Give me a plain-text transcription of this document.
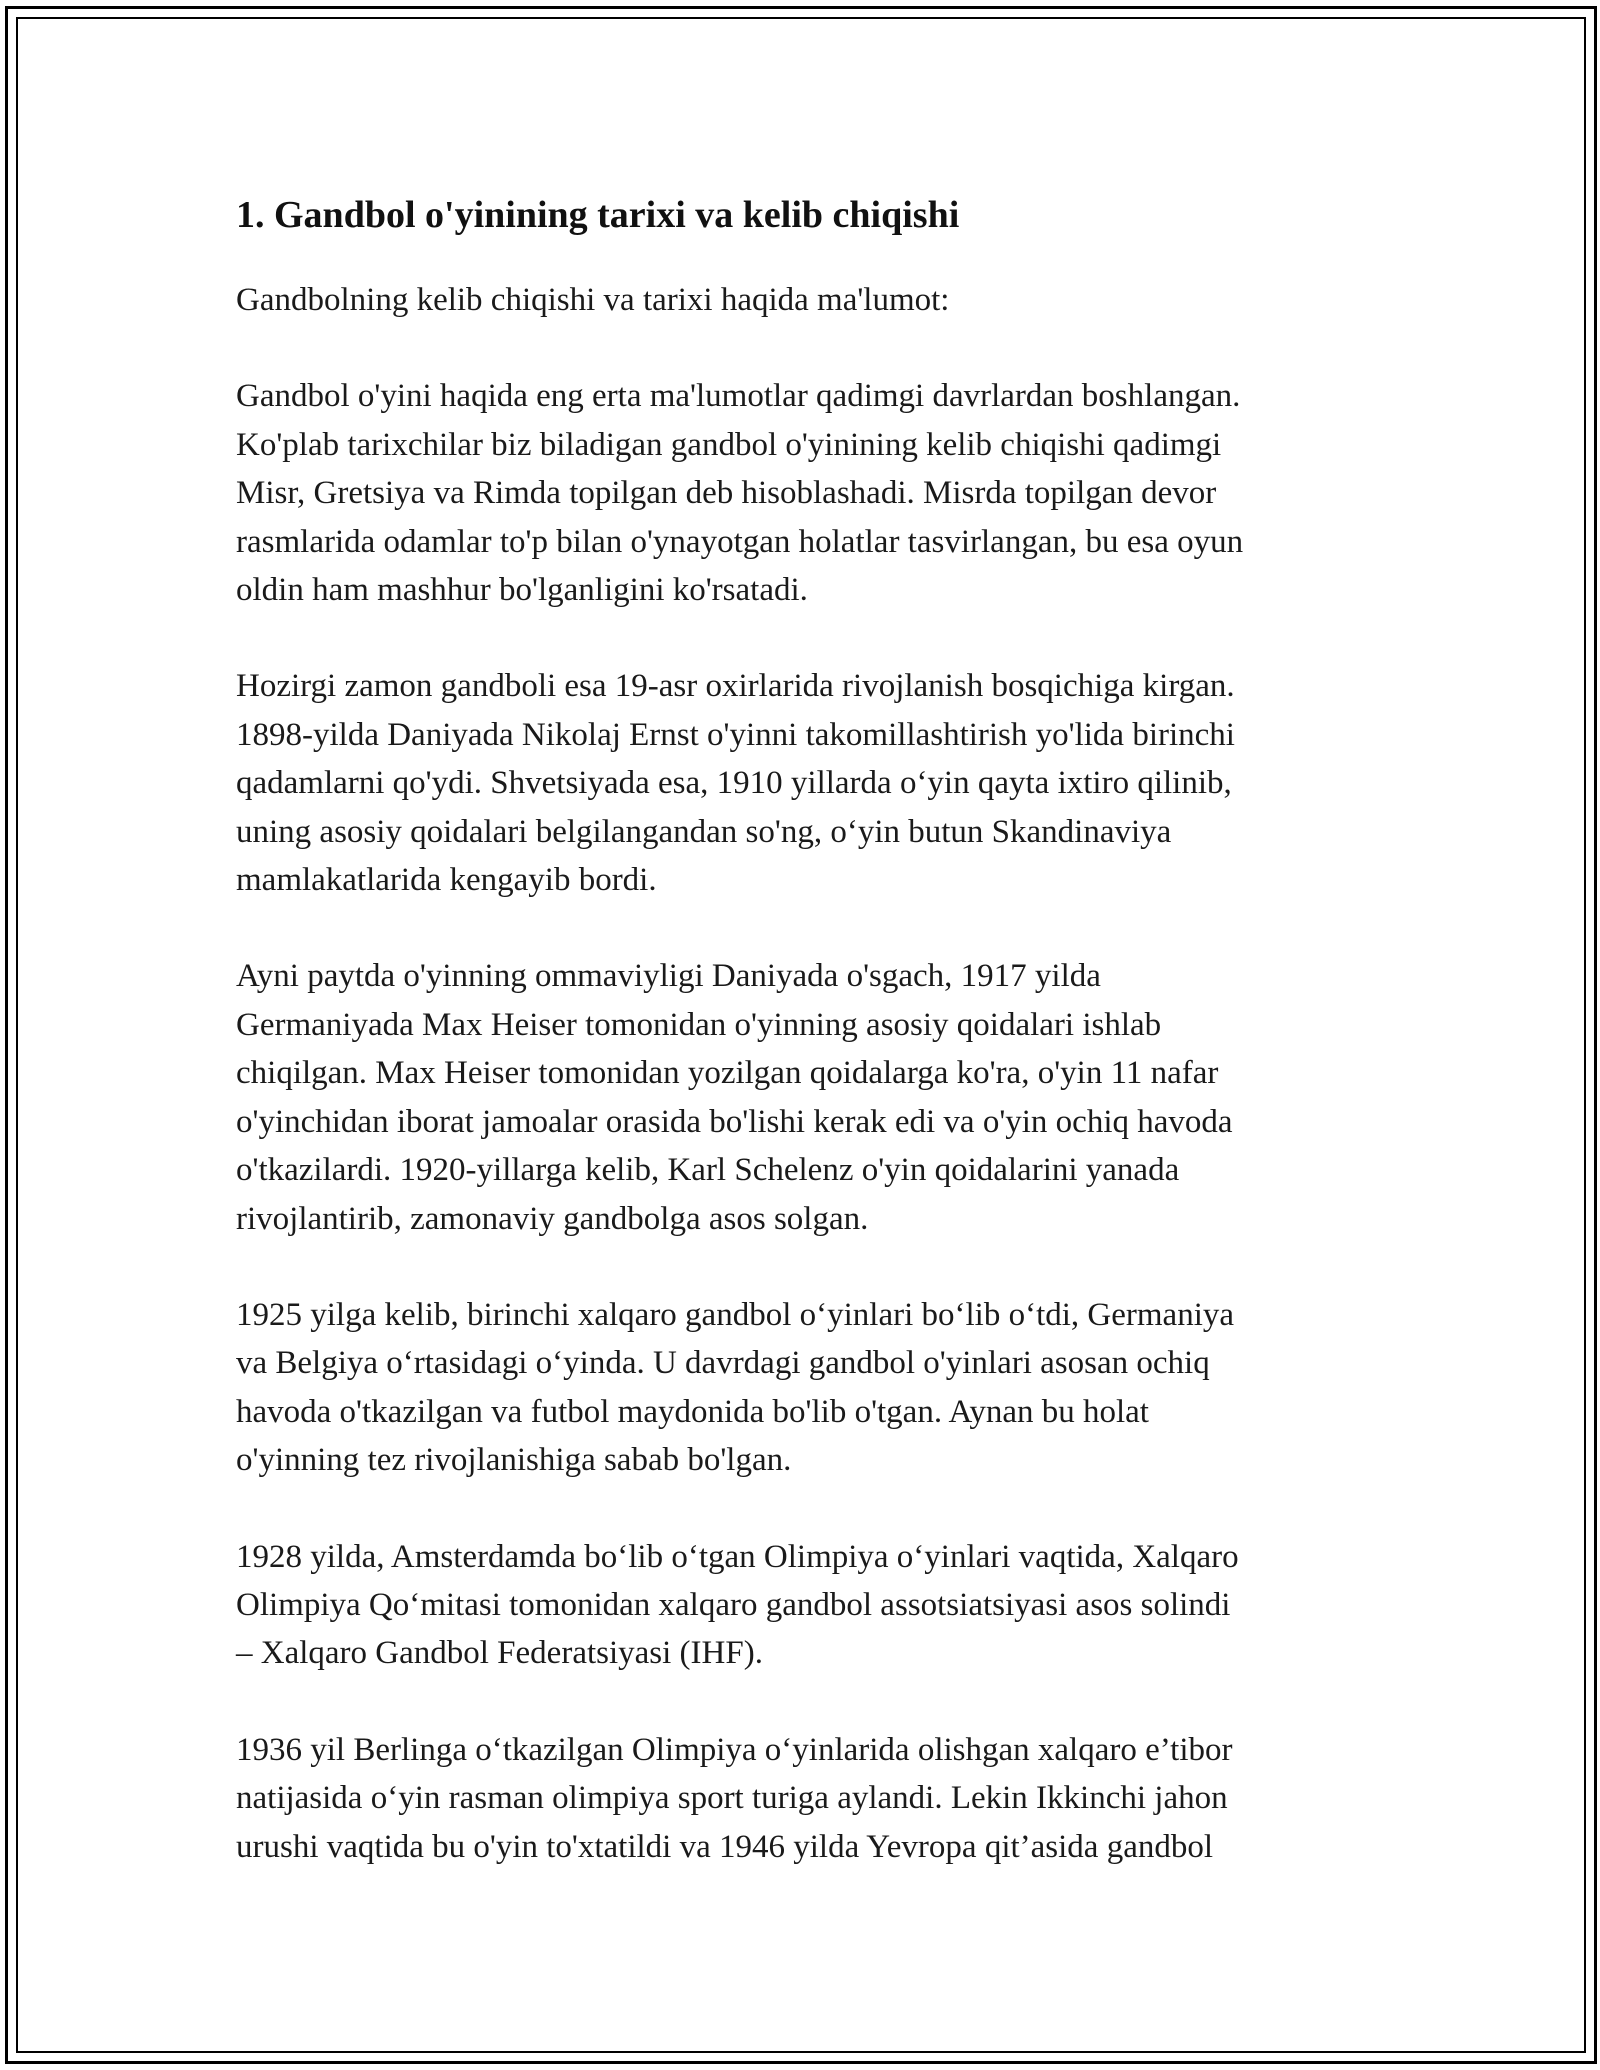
1. Gandbol o'yinining tarixi va kelib chiqishi

Gandbolning kelib chiqishi va tarixi haqida ma'lumot:

Gandbol o'yini haqida eng erta ma'lumotlar qadimgi davrlardan boshlangan.
Ko'plab tarixchilar biz biladigan gandbol o'yinining kelib chiqishi qadimgi
Misr, Gretsiya va Rimda topilgan deb hisoblashadi. Misrda topilgan devor
rasmlarida odamlar to'p bilan o'ynayotgan holatlar tasvirlangan, bu esa oyun
oldin ham mashhur bo'lganligini ko'rsatadi.

Hozirgi zamon gandboli esa 19-asr oxirlarida rivojlanish bosqichiga kirgan.
1898-yilda Daniyada Nikolaj Ernst o'yinni takomillashtirish yo'lida birinchi
qadamlarni qo'ydi. Shvetsiyada esa, 1910 yillarda o‘yin qayta ixtiro qilinib,
uning asosiy qoidalari belgilangandan so'ng, o‘yin butun Skandinaviya
mamlakatlarida kengayib bordi.

Ayni paytda o'yinning ommaviyligi Daniyada o'sgach, 1917 yilda
Germaniyada Max Heiser tomonidan o'yinning asosiy qoidalari ishlab
chiqilgan. Max Heiser tomonidan yozilgan qoidalarga ko'ra, o'yin 11 nafar
o'yinchidan iborat jamoalar orasida bo'lishi kerak edi va o'yin ochiq havoda
o'tkazilardi. 1920-yillarga kelib, Karl Schelenz o'yin qoidalarini yanada
rivojlantirib, zamonaviy gandbolga asos solgan.

1925 yilga kelib, birinchi xalqaro gandbol o‘yinlari bo‘lib o‘tdi, Germaniya
va Belgiya o‘rtasidagi o‘yinda. U davrdagi gandbol o'yinlari asosan ochiq
havoda o'tkazilgan va futbol maydonida bo'lib o'tgan. Aynan bu holat
o'yinning tez rivojlanishiga sabab bo'lgan.

1928 yilda, Amsterdamda bo‘lib o‘tgan Olimpiya o‘yinlari vaqtida, Xalqaro
Olimpiya Qo‘mitasi tomonidan xalqaro gandbol assotsiatsiyasi asos solindi
– Xalqaro Gandbol Federatsiyasi (IHF).

1936 yil Berlinga o‘tkazilgan Olimpiya o‘yinlarida olishgan xalqaro e’tibor
natijasida o‘yin rasman olimpiya sport turiga aylandi. Lekin Ikkinchi jahon
urushi vaqtida bu o'yin to'xtatildi va 1946 yilda Yevropa qit’asida gandbol
